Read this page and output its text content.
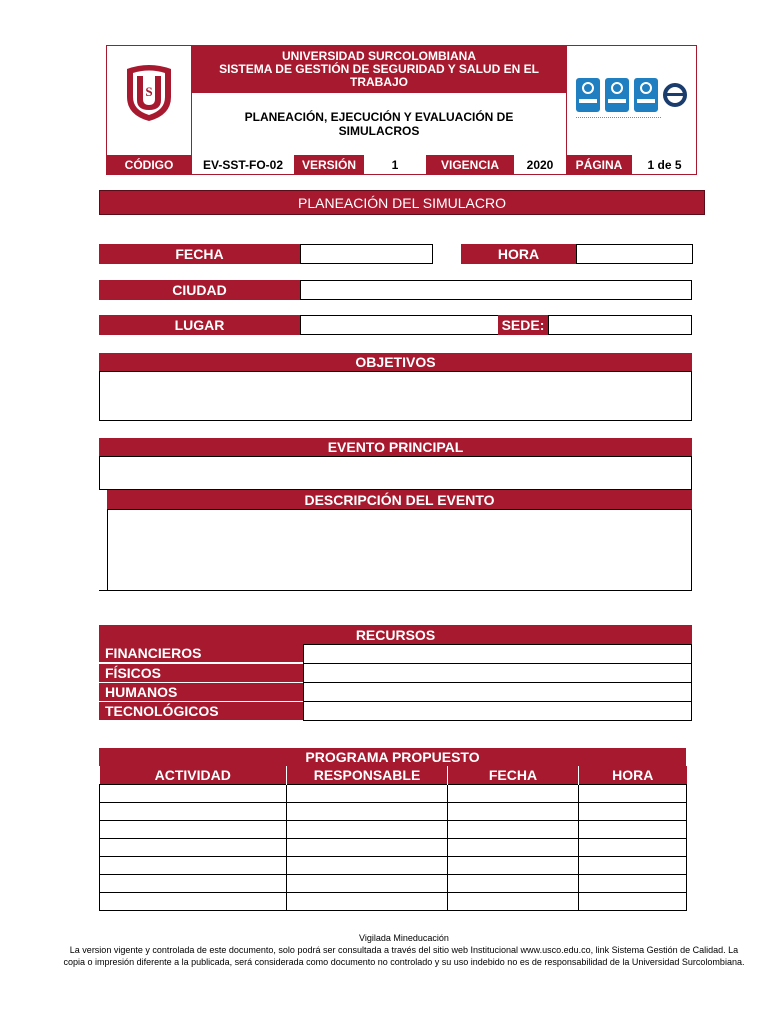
S
UNIVERSIDAD SURCOLOMBIANA
SISTEMA DE GESTIÓN DE SEGURIDAD Y SALUD EN EL TRABAJO
PLANEACIÓN, EJECUCIÓN Y EVALUACIÓN DE SIMULACROS
CÓDIGO	EV-SST-FO-02	VERSIÓN	1	VIGENCIA	2020	PÁGINA	1 de 5
PLANEACIÓN DEL SIMULACRO
FECHA	HORA
CIUDAD
LUGAR	SEDE:
OBJETIVOS
EVENTO PRINCIPAL
DESCRIPCIÓN DEL EVENTO
RECURSOS
FINANCIEROS
FÍSICOS
HUMANOS
TECNOLÓGICOS
PROGRAMA PROPUESTO
ACTIVIDAD	RESPONSABLE	FECHA	HORA

Vigilada Mineducación
La version vigente y controlada de este documento, solo podrá ser consultada a través del sitio web Institucional www.usco.edu.co, link Sistema Gestión de Calidad. La copia o impresión diferente a la publicada, será considerada como documento no controlado y su uso indebido no es de responsabilidad de la Universidad Surcolombiana.
